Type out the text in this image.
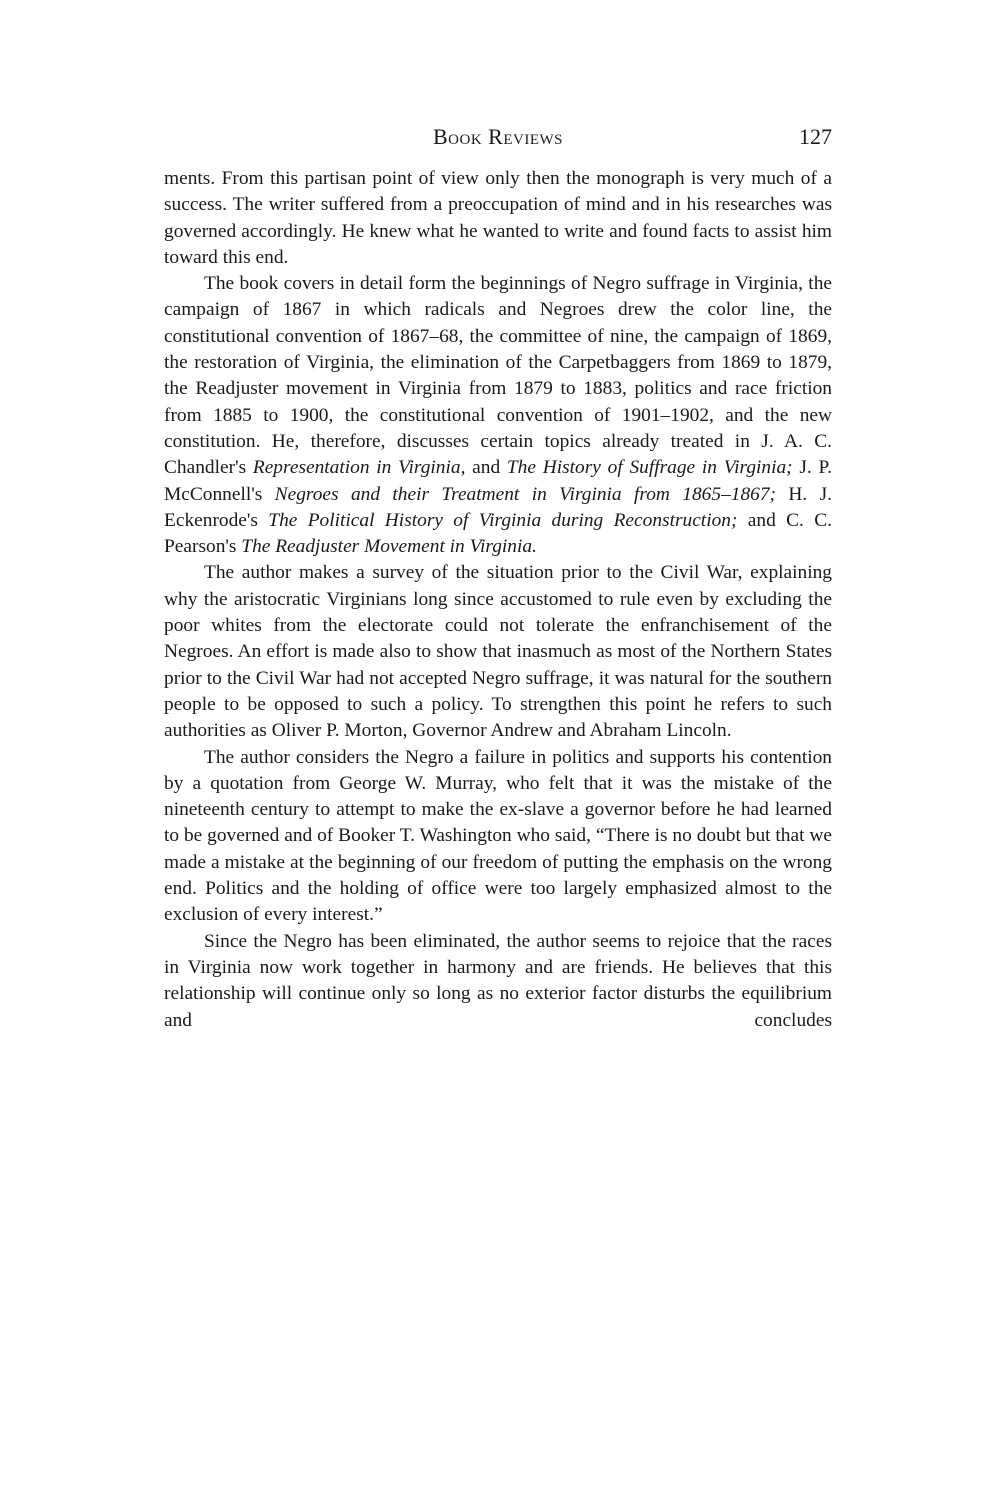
Book Reviews	127

ments. From this partisan point of view only then the monograph is very much of a success. The writer suffered from a preoccupation of mind and in his researches was governed accordingly. He knew what he wanted to write and found facts to assist him toward this end.

The book covers in detail form the beginnings of Negro suffrage in Virginia, the campaign of 1867 in which radicals and Negroes drew the color line, the constitutional convention of 1867–68, the committee of nine, the campaign of 1869, the restoration of Virginia, the elimination of the Carpetbaggers from 1869 to 1879, the Readjuster movement in Virginia from 1879 to 1883, politics and race friction from 1885 to 1900, the constitutional convention of 1901–1902, and the new constitution. He, therefore, discusses certain topics already treated in J. A. C. Chandler's Representation in Virginia, and The History of Suffrage in Virginia; J. P. McConnell's Negroes and their Treatment in Virginia from 1865–1867; H. J. Eckenrode's The Political History of Virginia during Reconstruction; and C. C. Pearson's The Readjuster Movement in Virginia.

The author makes a survey of the situation prior to the Civil War, explaining why the aristocratic Virginians long since accustomed to rule even by excluding the poor whites from the electorate could not tolerate the enfranchisement of the Negroes. An effort is made also to show that inasmuch as most of the Northern States prior to the Civil War had not accepted Negro suffrage, it was natural for the southern people to be opposed to such a policy. To strengthen this point he refers to such authorities as Oliver P. Morton, Governor Andrew and Abraham Lincoln.

The author considers the Negro a failure in politics and supports his contention by a quotation from George W. Murray, who felt that it was the mistake of the nineteenth century to attempt to make the ex-slave a governor before he had learned to be governed and of Booker T. Washington who said, “There is no doubt but that we made a mistake at the beginning of our freedom of putting the emphasis on the wrong end. Politics and the holding of office were too largely emphasized almost to the exclusion of every interest.”

Since the Negro has been eliminated, the author seems to rejoice that the races in Virginia now work together in harmony and are friends. He believes that this relationship will continue only so long as no exterior factor disturbs the equilibrium and concludes
